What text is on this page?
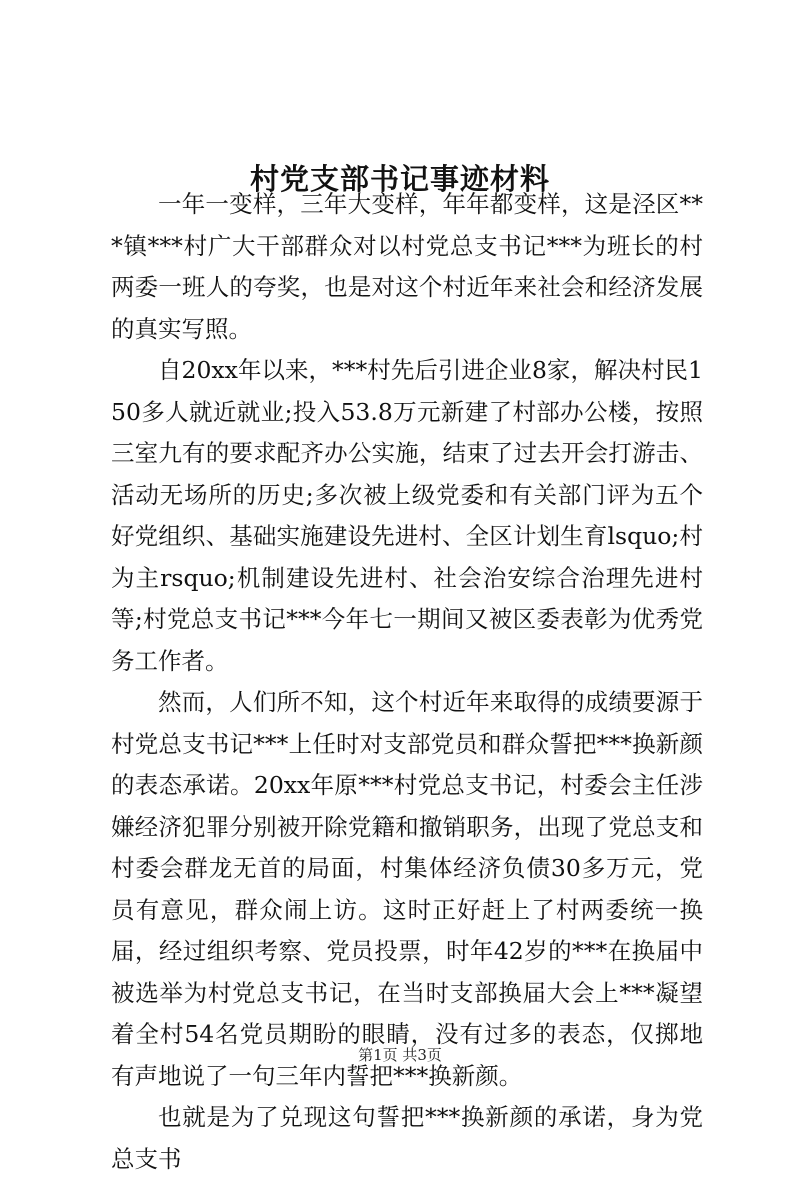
村党支部书记事迹材料

一年一变样，三年大变样，年年都变样，这是泾区***镇***村广大干部群众对以村党总支书记***为班长的村两委一班人的夸奖，也是对这个村近年来社会和经济发展的真实写照。

自20xx年以来，***村先后引进企业8家，解决村民150多人就近就业;投入53.8万元新建了村部办公楼，按照三室九有的要求配齐办公实施，结束了过去开会打游击、活动无场所的历史;多次被上级党委和有关部门评为五个好党组织、基础实施建设先进村、全区计划生育lsquo;村为主rsquo;机制建设先进村、社会治安综合治理先进村等;村党总支书记***今年七一期间又被区委表彰为优秀党务工作者。

然而，人们所不知，这个村近年来取得的成绩要源于村党总支书记***上任时对支部党员和群众誓把***换新颜的表态承诺。20xx年原***村党总支书记，村委会主任涉嫌经济犯罪分别被开除党籍和撤销职务，出现了党总支和村委会群龙无首的局面，村集体经济负债30多万元，党员有意见，群众闹上访。这时正好赶上了村两委统一换届，经过组织考察、党员投票，时年42岁的***在换届中被选举为村党总支书记，在当时支部换届大会上***凝望着全村54名党员期盼的眼睛，没有过多的表态，仅掷地有声地说了一句三年内誓把***换新颜。

也就是为了兑现这句誓把***换新颜的承诺，身为党总支书

第1页 共3页
